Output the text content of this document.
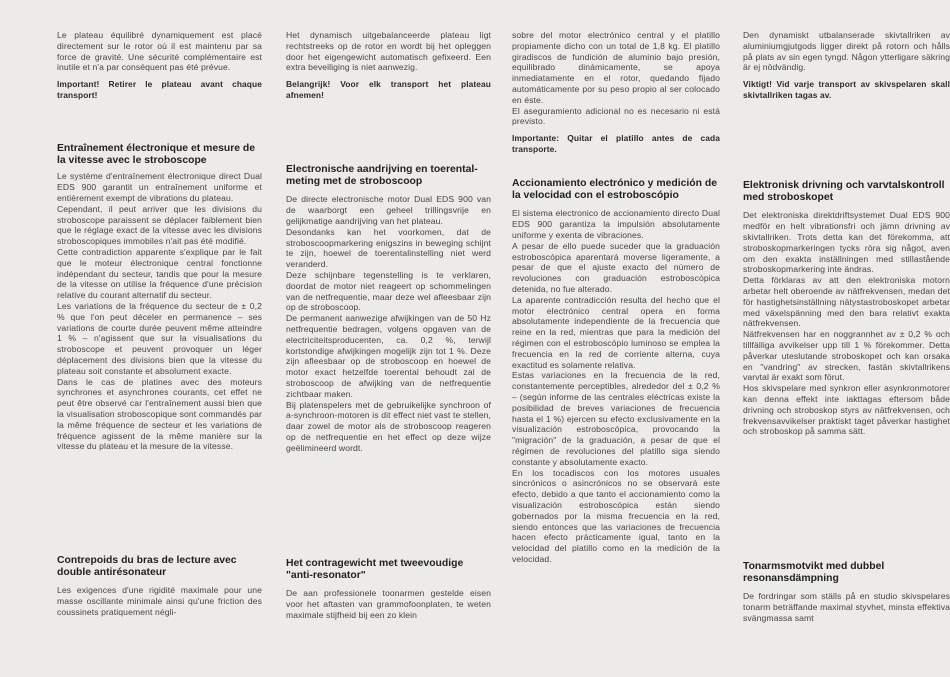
Le plateau équilibré dynamiquement est placé directement sur le rotor où il est maintenu par sa force de gravité. Une sécurité complémentaire est inutile et n'a par conséquent pas été prévue.

Important! Retirer le plateau avant chaque transport!

Entraînement électronique et mesure de la vitesse avec le stroboscope

Le système d'entraînement électronique direct Dual EDS 900 garantit un entraînement uniforme et entièrement exempt de vibrations du plateau.

Cependant, il peut arriver que les divisions du stroboscope paraissent se déplacer faiblement bien que le réglage exact de la vitesse avec les divisions stroboscopiques immobiles n'ait pas été modifié.

Cette contradiction apparente s'explique par le fait que le moteur électronique central fonctionne indépendant du secteur, tandis que pour la mesure de la vitesse on utilise la fréquence d'une précision relative du courant alternatif du secteur.

Les variations de la fréquence du secteur de ± 0,2 % que l'on peut déceler en permanence – ses variations de courte durée peuvent même atteindre 1 % – n'agissent que sur la visualisations du stroboscope et peuvent provoquer un léger déplacement des divisions bien que la vitesse du plateau soit constante et absolument exacte.

Dans le cas de platines avec des moteurs synchrones et asynchrones courants, cet effet ne peut être observé car l'entraînement aussi bien que la visualisation stroboscopique sont commandés par la même fréquence de secteur et les variations de fréquence agissent de la même manière sur la vitesse du plateau et la mesure de la vitesse.

Contrepoids du bras de lecture avec double antirésonateur

Les exigences d'une rigidité maximale pour une masse oscillante minimale ainsi qu'une friction des coussinets pratiquement négli-

Het dynamisch uitgebalanceerde plateau ligt rechtstreeks op de rotor en wordt bij het opleggen door het eigengewicht automatisch gefixeerd. Een extra beveiliging is niet aanwezig.

Belangrijk! Voor elk transport het plateau afnemen!

Electronische aandrijving en toerental-meting met de stroboscoop

De directe electronische motor Dual EDS 900 van de waarborgt een geheel trillingsvrije en gelijkmatige aandrijving van het plateau.

Desondanks kan het voorkomen, dat de stroboscoopmarkering enigszins in beweging schijnt te zijn, hoewel de toerentalinstelling niet werd veranderd.

Deze schijnbare tegenstelling is te verklaren, doordat de motor niet reageert op schommelingen van de netfrequentie, maar deze wel afleesbaar zijn op de stroboscoop.

De permanent aanwezige afwijkingen van de 50 Hz netfrequentie bedragen, volgens opgaven van de electriciteitsproducenten, ca. 0,2 %, terwijl kortstondige afwijkingen mogelijk zijn tot 1 %. Deze zijn afleesbaar op de stroboscoop en hoewel de motor exact hetzelfde toerental behoudt zal de stroboscoop de afwijking van de netfrequentie zichtbaar maken.

Bij platenspelers met de gebruikelijke synchroon of a-synchroon-motoren is dit effect niet vast te stellen, daar zowel de motor als de stroboscoop reageren op de netfrequentie en het effect op deze wijze geëlimineerd wordt.

Het contragewicht met tweevoudige "anti-resonator"

De aan professionele toonarmen gestelde eisen voor het aftasten van grammofoonplaten, te weten maximale stijfheid bij een zo klein

sobre del motor electrónico central y el platillo propiamente dicho con un total de 1,8 kg. El platillo giradiscos de fundición de aluminio bajo presión, equilibrado dinámicamente, se apoya inmediatamente en el rotor, quedando fijado automáticamente por su peso propio al ser colocado en éste.

El aseguramiento adicional no es necesario ni está previsto.

Importante: Quitar el platillo antes de cada transporte.

Accionamiento electrónico y medición de la velocidad con el estroboscópio

El sistema electronico de accionamiento directo Dual EDS 900 garantiza la impulsión absolutamente uniforme y exenta de vibraciones.

A pesar de ello puede suceder que la graduación estroboscópica aparentará moverse ligeramente, a pesar de que el ajuste exacto del número de revoluciones con graduación estroboscópica detenida, no fue alterado.

La aparente contradicción resulta del hecho que el motor electrónico central opera en forma absolutamente independiente de la frecuencia que reine en la red, mientras que para la medición del régimen con el estroboscópio luminoso se emplea la frecuencia en la red de corriente alterna, cuya exactitud es solamente relativa.

Estas variaciones en la frecuencia de la red, constantemente perceptibles, alrededor del ± 0,2 % – (según informe de las centrales eléctricas existe la posibilidad de breves variaciones de frecuencia hasta el 1 %) ejercen su efecto exclusivamente en la visualización estroboscópica, provocando la "migración" de la graduación, a pesar de que el régimen de revoluciones del platillo siga siendo constante y absolutamente exacto.

En los tocadiscos con los motores usuales sincrónicos o asincrónicos no se observará este efecto, debido a que tanto el accionamiento como la visualización estroboscópica están siendo gobernados por la misma frecuencia en la red, siendo entonces que las variaciones de frecuencia hacen efecto prácticamente igual, tanto en la velocidad del platillo como en la medición de la velocidad.

Den dynamiskt utbalanserade skivtallriken av aluminiumgjutgods ligger direkt på rotorn och hålls på plats av sin egen tyngd. Någon ytterligare säkring är ej nödvändig.

Viktigt! Vid varje transport av skivspelaren skall skivtallriken tagas av.

Elektronisk drivning och varvtalskontroll med stroboskopet

Det elektroniska direktdriftsystemet Dual EDS 900 medför en helt vibrationsfri och jämn drivning av skivtallriken. Trots detta kan det förekomma, att stroboskopmarkeringen tycks röra sig något, aven om den exakta inställningen med stillastående stroboskopmarkering inte ändras.

Detta förklaras av att den elektroniska motorn arbetar helt oberoende av nätfrekvensen, medan det för hastighetsinställning nätystastroboskopet arbetar med växelspänning med den bara relativt exakta nätfrekvensen.

Nätfrekvensen har en noggrannhet av ± 0,2 % och tillfälliga avvikelser upp till 1 % förekommer. Detta påverkar uteslutande stroboskopet och kan orsaka en "vandring" av strecken, fastän skivtallrikens varvtal är exakt som förut.

Hos skivspelare med synkron eller asynkronmotorer kan denna effekt inte iakttagas eftersom både drivning och stroboskop styrs av nätfrekvensen, och frekvensavvikelser praktiskt taget påverkar hastighet och stroboskop på samma sätt.

Tonarmsmotvikt med dubbel resonansdämpning

De fordringar som ställs på en studio skivspelares tonarm beträffande maximal styvhet, minsta effektiva svängmassa samt
